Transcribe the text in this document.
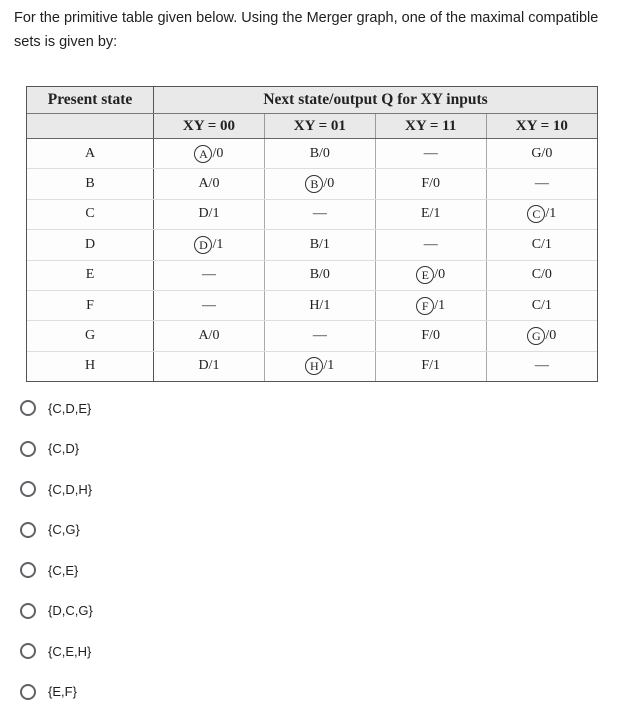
For the primitive table given below. Using the Merger graph, one of the maximal compatible sets is given by:
Present state	Next state/output Q for XY inputs			
	XY = 00	XY = 01	XY = 11	XY = 10
A	A /0	B/0	—	G/0
B	A/0	B /0	F/0	—
C	D/1	—	E/1	C /1
D	D /1	B/1	—	C/1
E	—	B/0	E /0	C/0
F	—	H/1	F /1	C/1
G	A/0	—	F/0	G /0
H	D/1	H /1	F/1	—
{C,D,E}
{C,D}
{C,D,H}
{C,G}
{C,E}
{D,C,G}
{C,E,H}
{E,F}
